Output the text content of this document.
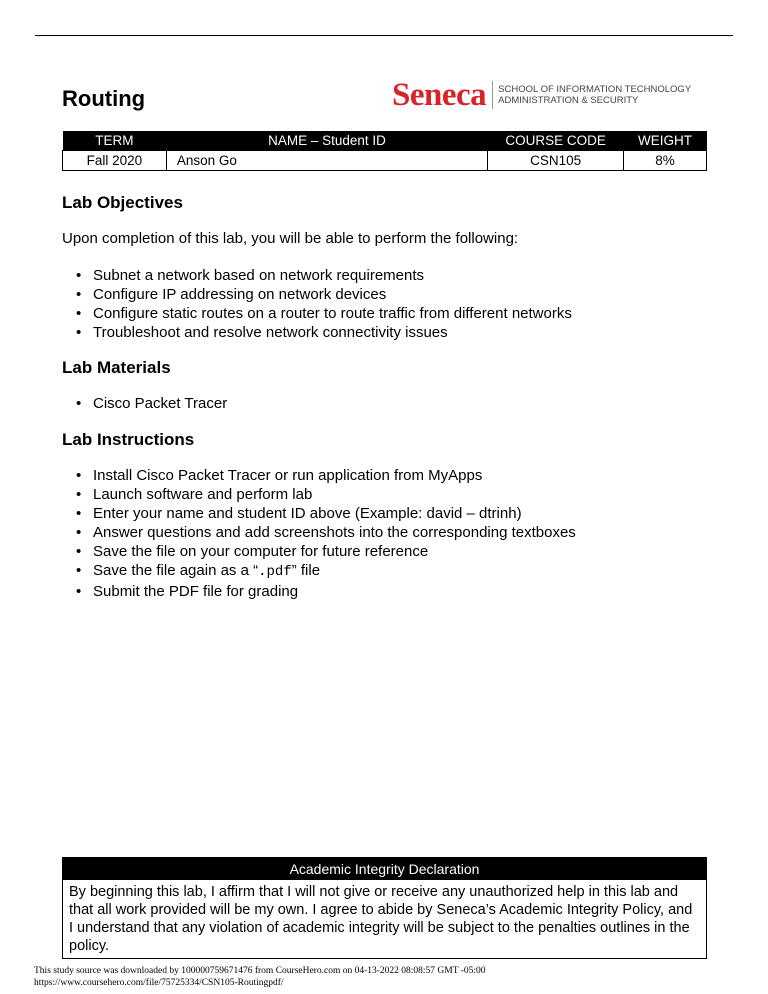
Routing	Seneca SCHOOL OF INFORMATION TECHNOLOGY
ADMINISTRATION & SECURITY
TERM	NAME – Student ID	COURSE CODE	WEIGHT
Fall 2020	Anson Go	CSN105	8%
Lab Objectives

Upon completion of this lab, you will be able to perform the following:

• Subnet a network based on network requirements
• Configure IP addressing on network devices
• Configure static routes on a router to route traffic from different networks
• Troubleshoot and resolve network connectivity issues
Lab Materials
• Cisco Packet Tracer
Lab Instructions
• Install Cisco Packet Tracer or run application from MyApps
• Launch software and perform lab
• Enter your name and student ID above (Example: david – dtrinh)
• Answer questions and add screenshots into the corresponding textboxes
• Save the file on your computer for future reference
• Save the file again as a “.pdf” file
• Submit the PDF file for grading
Academic Integrity Declaration
By beginning this lab, I affirm that I will not give or receive any unauthorized help in this lab and that all work provided will be my own. I agree to abide by Seneca’s Academic Integrity Policy, and I understand that any violation of academic integrity will be subject to the penalties outlines in the policy.
This study source was downloaded by 100000759671476 from CourseHero.com on 04-13-2022 08:08:57 GMT -05:00
https://www.coursehero.com/file/75725334/CSN105-Routingpdf/
